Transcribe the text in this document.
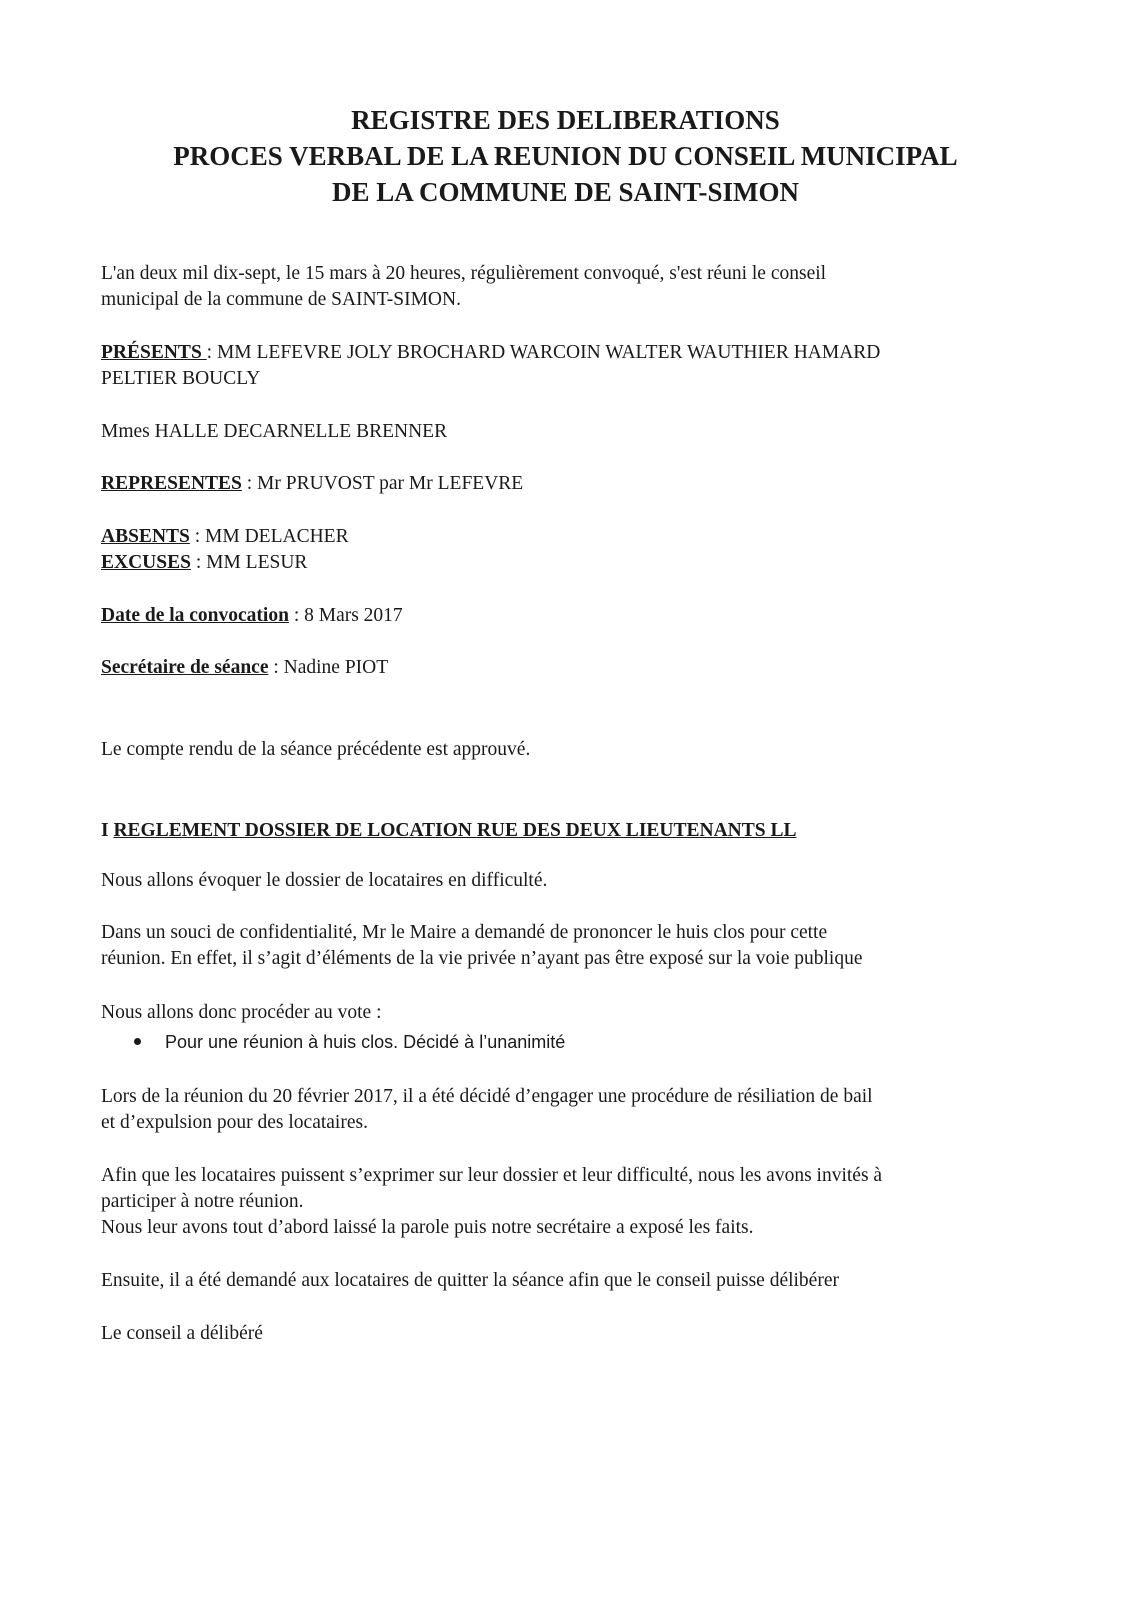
REGISTRE DES DELIBERATIONS
PROCES VERBAL DE LA REUNION DU CONSEIL MUNICIPAL
DE LA COMMUNE DE SAINT-SIMON
L'an deux mil dix-sept, le 15 mars à 20 heures, régulièrement convoqué, s'est réuni le conseil
municipal de la commune de SAINT-SIMON.
PRÉSENTS : MM LEFEVRE JOLY BROCHARD WARCOIN WALTER WAUTHIER HAMARD
PELTIER BOUCLY
Mmes HALLE DECARNELLE BRENNER
REPRESENTES : Mr PRUVOST par Mr LEFEVRE
ABSENTS : MM DELACHER
EXCUSES : MM LESUR
Date de la convocation : 8 Mars 2017
Secrétaire de séance : Nadine PIOT
Le compte rendu de la séance précédente est approuvé.
I REGLEMENT DOSSIER DE LOCATION RUE DES DEUX LIEUTENANTS LL
Nous allons évoquer le dossier de locataires en difficulté.
Dans un souci de confidentialité, Mr le Maire a demandé de prononcer le huis clos pour cette
réunion. En effet, il s’agit d’éléments de la vie privée n’ayant pas être exposé sur la voie publique
Nous allons donc procéder au vote :
Pour une réunion à huis clos. Décidé à l’unanimité
Lors de la réunion du 20 février 2017, il a été décidé d’engager une procédure de résiliation de bail
et d’expulsion pour des locataires.
Afin que les locataires puissent s’exprimer sur leur dossier et leur difficulté, nous les avons invités à
participer à notre réunion.
Nous leur avons tout d’abord laissé la parole puis notre secrétaire a exposé les faits.
Ensuite, il a été demandé aux locataires de quitter la séance afin que le conseil puisse délibérer
Le conseil a délibéré
